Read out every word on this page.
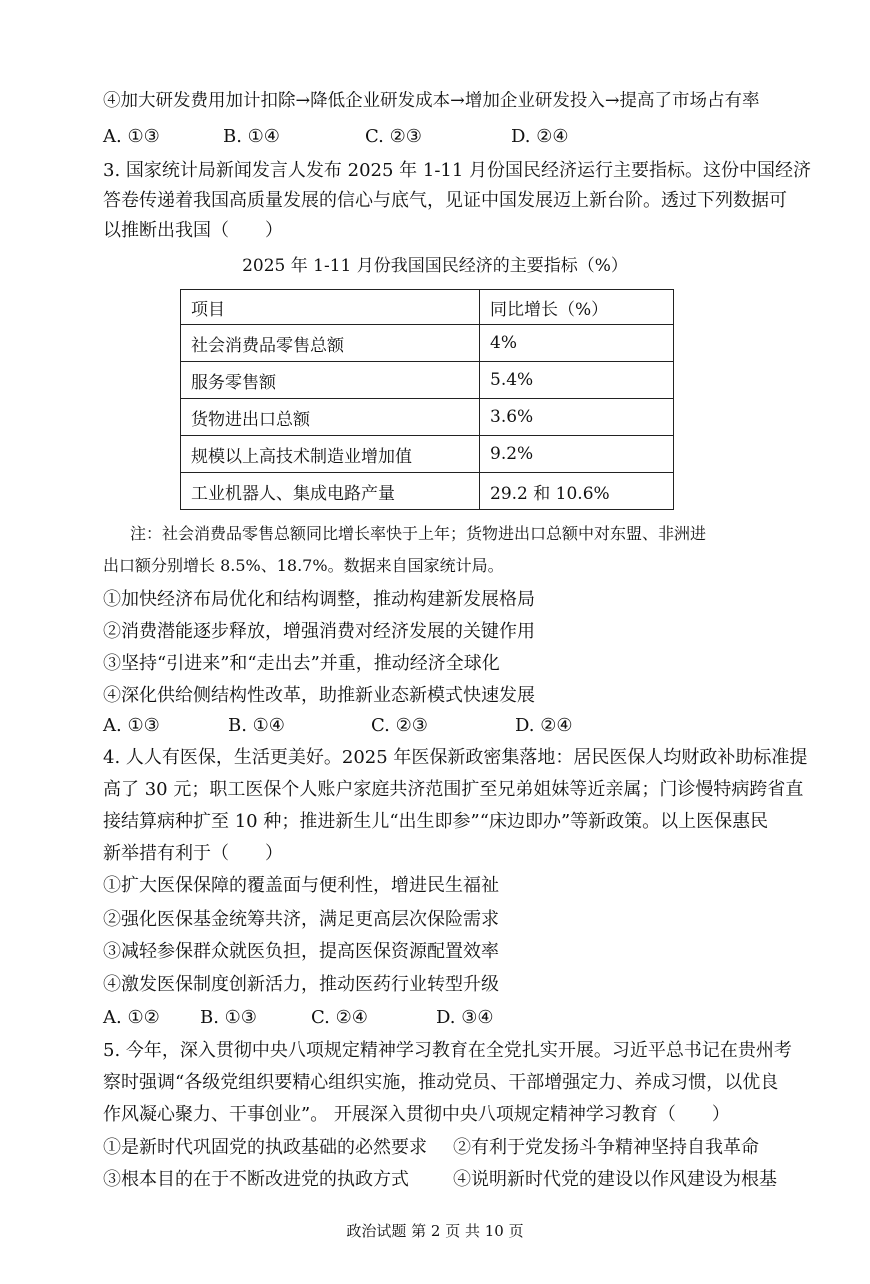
④加大研发费用加计扣除→降低企业研发成本→增加企业研发投入→提高了市场占有率
A. ①③	B. ①④	C. ②③	D. ②④
3. 国家统计局新闻发言人发布 2025 年 1-11 月份国民经济运行主要指标。这份中国经济
答卷传递着我国高质量发展的信心与底气，见证中国发展迈上新台阶。透过下列数据可
以推断出我国（　　）
2025 年 1-11 月份我国国民经济的主要指标（%）
项目	同比增长（%）
社会消费品零售总额	4%
服务零售额	5.4%
货物进出口总额	3.6%
规模以上高技术制造业增加值	9.2%
工业机器人、集成电路产量	29.2 和 10.6%
注：社会消费品零售总额同比增长率快于上年；货物进出口总额中对东盟、非洲进
出口额分别增长 8.5%、18.7%。数据来自国家统计局。
①加快经济布局优化和结构调整，推动构建新发展格局
②消费潜能逐步释放，增强消费对经济发展的关键作用
③坚持“引进来”和“走出去”并重，推动经济全球化
④深化供给侧结构性改革，助推新业态新模式快速发展
A. ①③	B. ①④	C. ②③	D. ②④
4. 人人有医保，生活更美好。2025 年医保新政密集落地：居民医保人均财政补助标准提
高了 30 元；职工医保个人账户家庭共济范围扩至兄弟姐妹等近亲属；门诊慢特病跨省直
接结算病种扩至 10 种；推进新生儿“出生即参”“床边即办”等新政策。以上医保惠民
新举措有利于（　　）
①扩大医保保障的覆盖面与便利性，增进民生福祉
②强化医保基金统筹共济，满足更高层次保险需求
③减轻参保群众就医负担，提高医保资源配置效率
④激发医保制度创新活力，推动医药行业转型升级
A. ①② B. ①③	C. ②④	D. ③④
5. 今年，深入贯彻中央八项规定精神学习教育在全党扎实开展。习近平总书记在贵州考
察时强调“各级党组织要精心组织实施，推动党员、干部增强定力、养成习惯，以优良
作风凝心聚力、干事创业”。 开展深入贯彻中央八项规定精神学习教育（　　）
①是新时代巩固党的执政基础的必然要求 ②有利于党发扬斗争精神坚持自我革命
③根本目的在于不断改进党的执政方式 ④说明新时代党的建设以作风建设为根基
政治试题 第 2 页 共 10 页
